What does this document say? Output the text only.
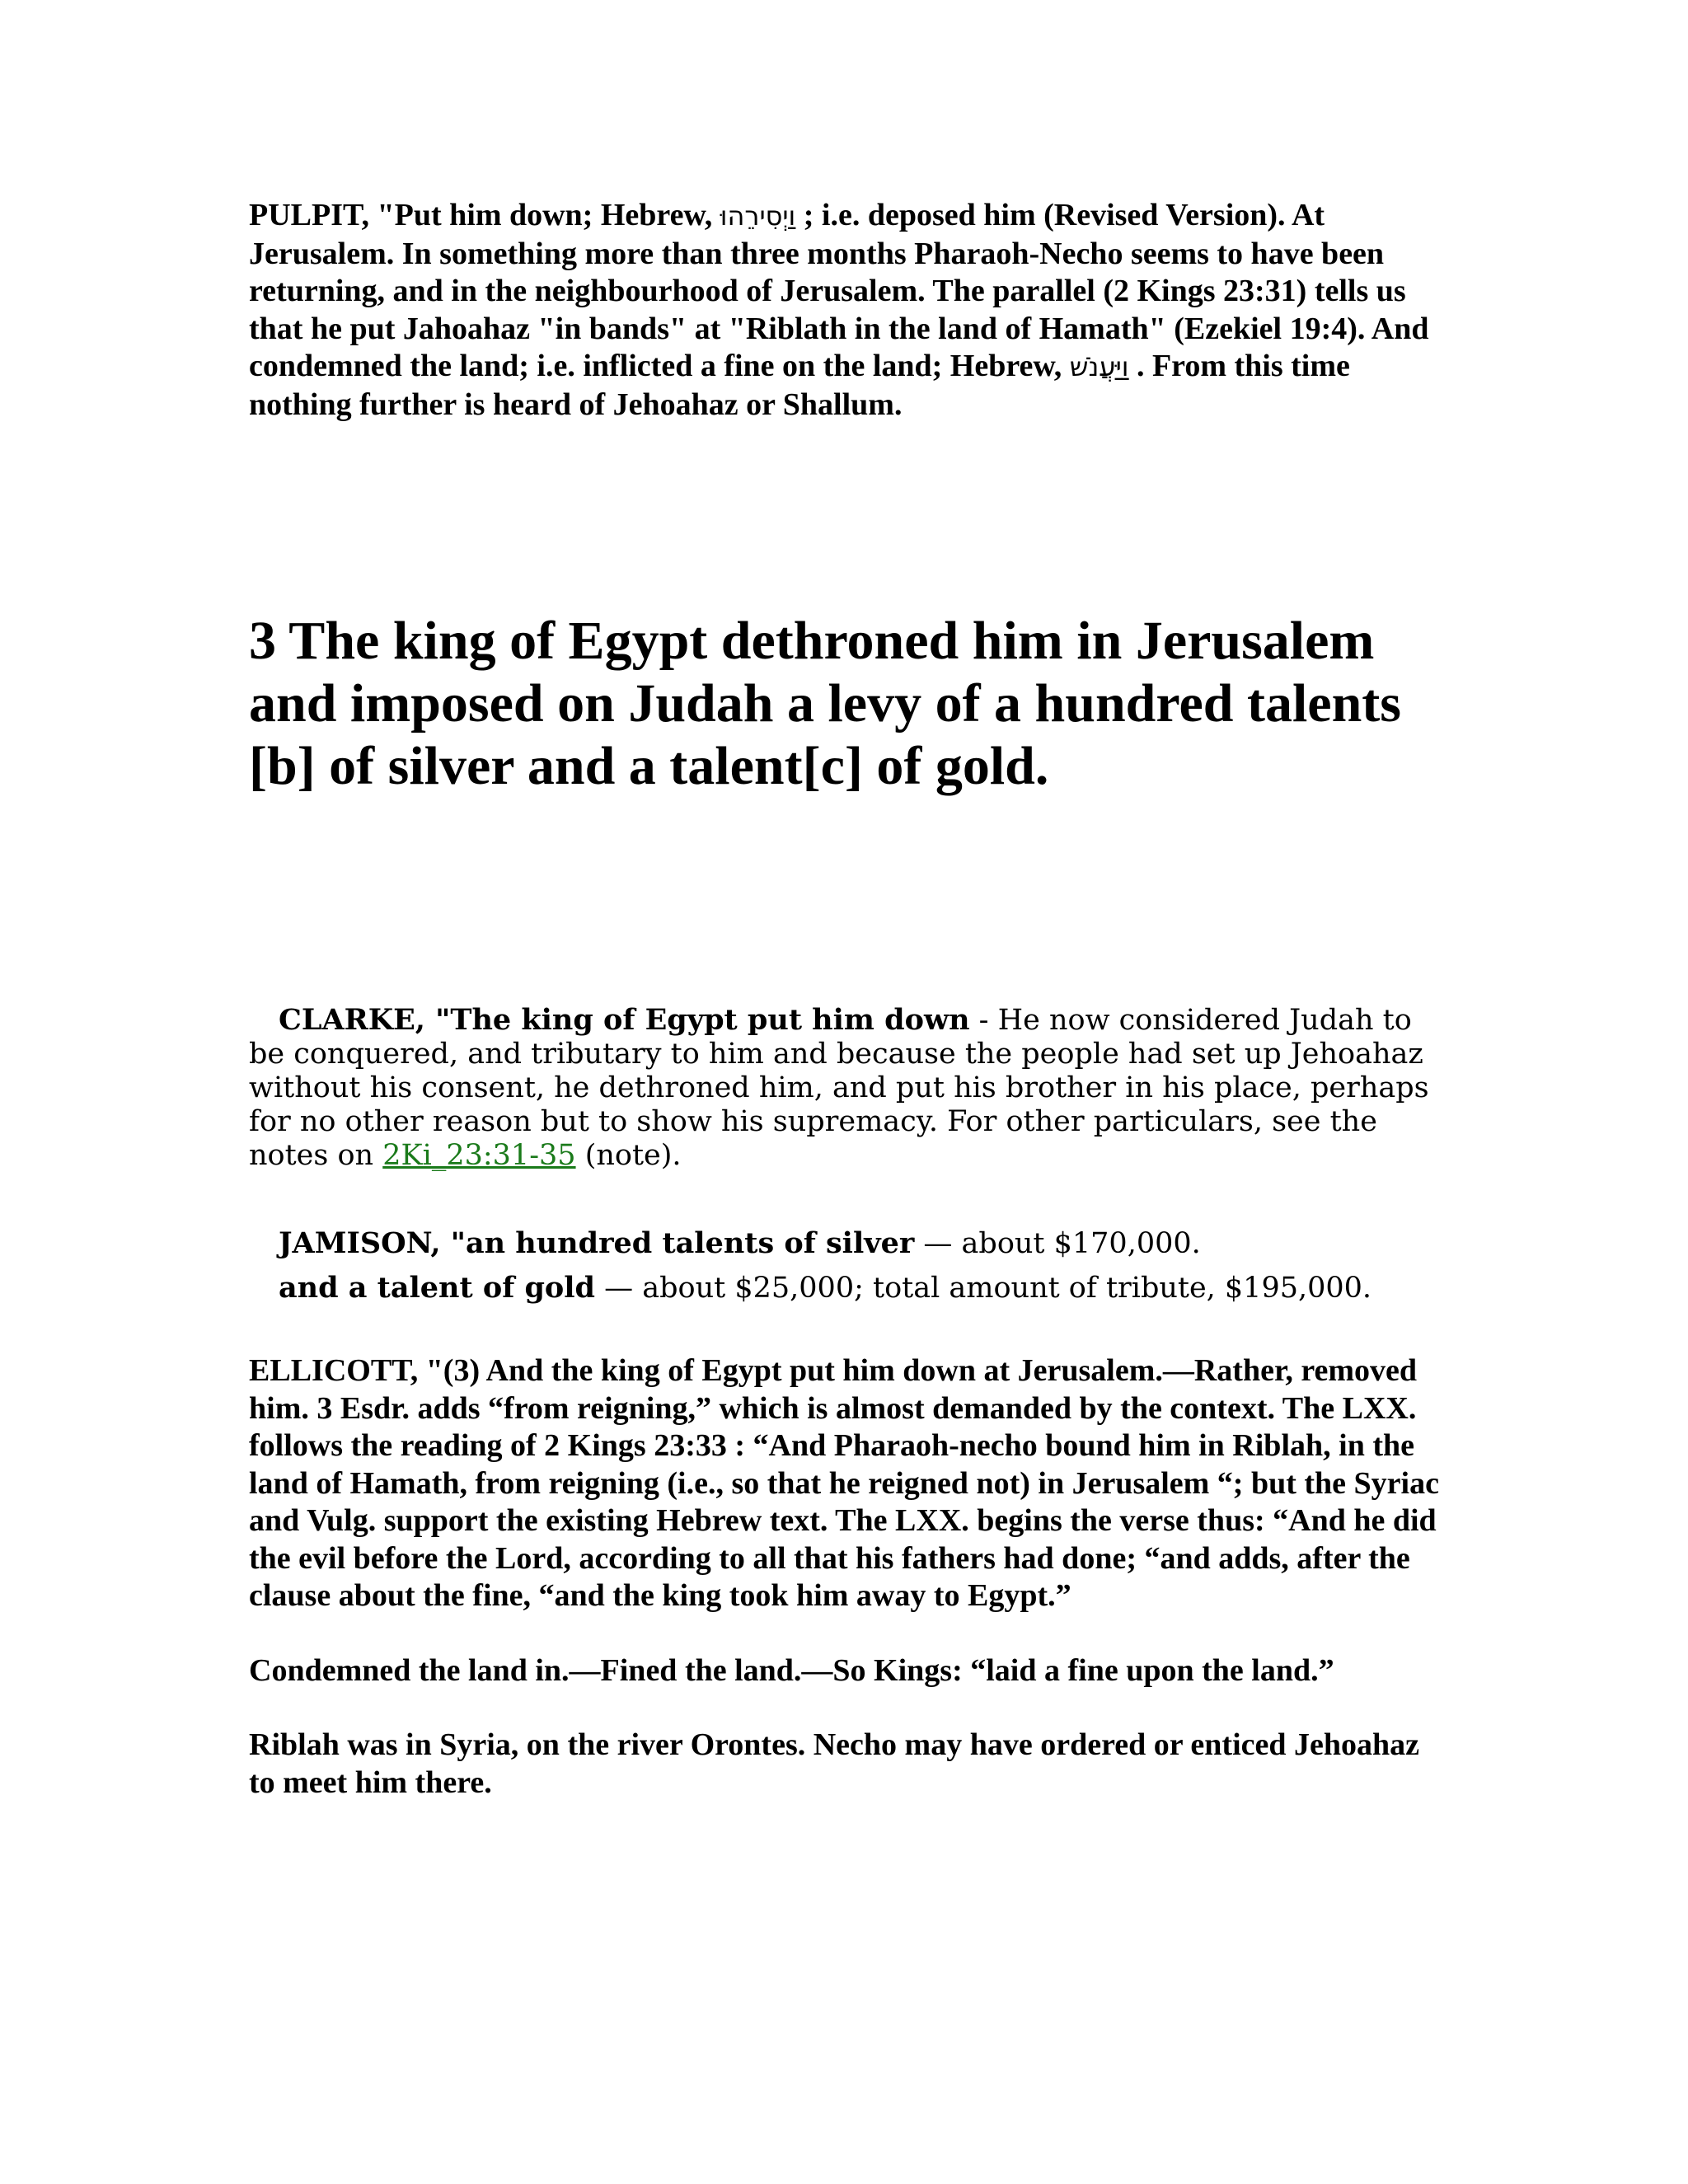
PULPIT, "Put him down; Hebrew, וַיְסִירֵהוּ ; i.e. deposed him (Revised Version). At Jerusalem. In something more than three months Pharaoh-Necho seems to have been returning, and in the neighbourhood of Jerusalem. The parallel (2 Kings 23:31) tells us that he put Jahoahaz "in bands" at "Riblath in the land of Hamath" (Ezekiel 19:4). And condemned the land; i.e. inflicted a fine on the land; Hebrew, וַיַּעֲנֹשׁ . From this time nothing further is heard of Jehoahaz or Shallum.
3 The king of Egypt dethroned him in Jerusalem and imposed on Judah a levy of a hundred talents [b] of silver and a talent[c] of gold.
CLARKE, "The king of Egypt put him down - He now considered Judah to be conquered, and tributary to him and because the people had set up Jehoahaz without his consent, he dethroned him, and put his brother in his place, perhaps for no other reason but to show his supremacy. For other particulars, see the notes on 2Ki_23:31-35 (note).

JAMISON, "an hundred talents of silver — about $170,000.

and a talent of gold — about $25,000; total amount of tribute, $195,000.

ELLICOTT, "(3) And the king of Egypt put him down at Jerusalem.—Rather, removed him. 3 Esdr. adds “from reigning,” which is almost demanded by the context. The LXX. follows the reading of 2 Kings 23:33 : “And Pharaoh-necho bound him in Riblah, in the land of Hamath, from reigning (i.e., so that he reigned not) in Jerusalem “; but the Syriac and Vulg. support the existing Hebrew text. The LXX. begins the verse thus: “And he did the evil before the Lord, according to all that his fathers had done; “and adds, after the clause about the fine, “and the king took him away to Egypt.”

Condemned the land in.—Fined the land.—So Kings: “laid a fine upon the land.”

Riblah was in Syria, on the river Orontes. Necho may have ordered or enticed Jehoahaz to meet him there.
